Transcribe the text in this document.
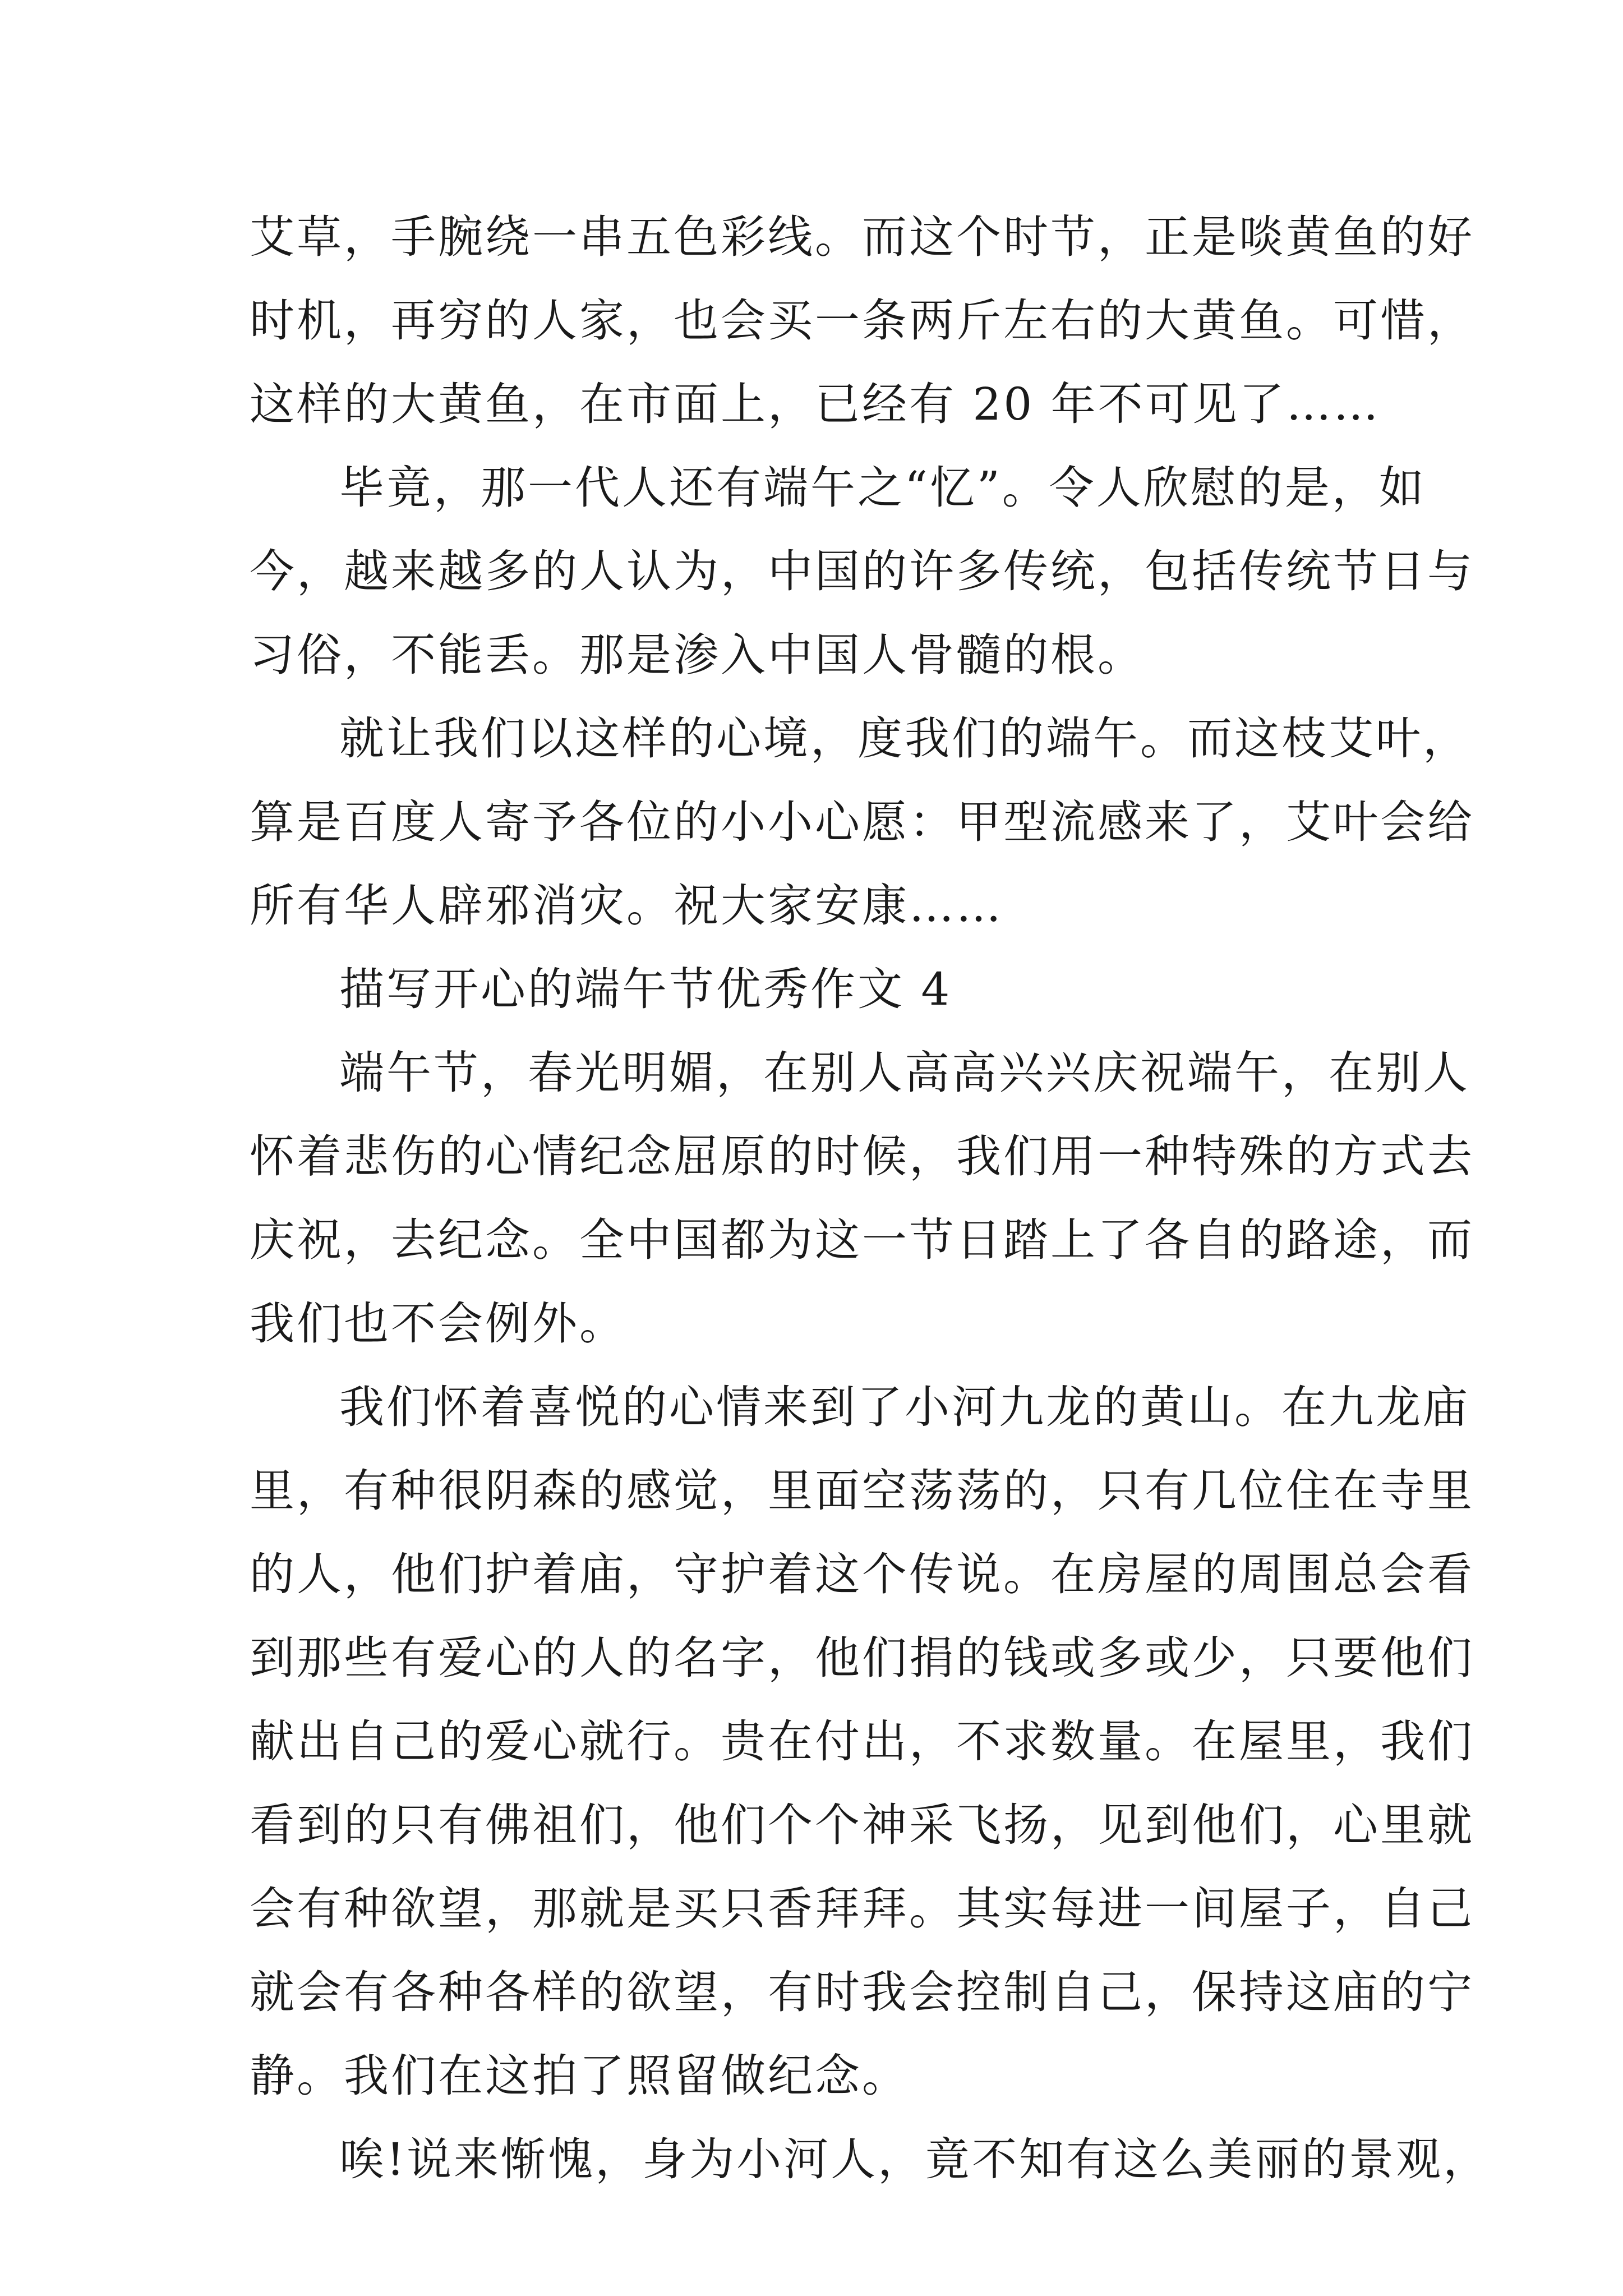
艾草，手腕绕一串五色彩线。而这个时节，正是啖黄鱼的好
时机，再穷的人家，也会买一条两斤左右的大黄鱼。可惜，
这样的大黄鱼，在市面上，已经有 20 年不可见了……
毕竟，那一代人还有端午之“忆”。令人欣慰的是，如
今，越来越多的人认为，中国的许多传统，包括传统节日与
习俗，不能丢。那是渗入中国人骨髓的根。
就让我们以这样的心境，度我们的端午。而这枝艾叶，
算是百度人寄予各位的小小心愿：甲型流感来了，艾叶会给
所有华人辟邪消灾。祝大家安康……
描写开心的端午节优秀作文 4
端午节，春光明媚，在别人高高兴兴庆祝端午，在别人
怀着悲伤的心情纪念屈原的时候，我们用一种特殊的方式去
庆祝，去纪念。全中国都为这一节日踏上了各自的路途，而
我们也不会例外。
我们怀着喜悦的心情来到了小河九龙的黄山。在九龙庙
里，有种很阴森的感觉，里面空荡荡的，只有几位住在寺里
的人，他们护着庙，守护着这个传说。在房屋的周围总会看
到那些有爱心的人的名字，他们捐的钱或多或少，只要他们
献出自己的爱心就行。贵在付出，不求数量。在屋里，我们
看到的只有佛祖们，他们个个神采飞扬，见到他们，心里就
会有种欲望，那就是买只香拜拜。其实每进一间屋子，自己
就会有各种各样的欲望，有时我会控制自己，保持这庙的宁
静。我们在这拍了照留做纪念。
唉!说来惭愧，身为小河人，竟不知有这么美丽的景观，
